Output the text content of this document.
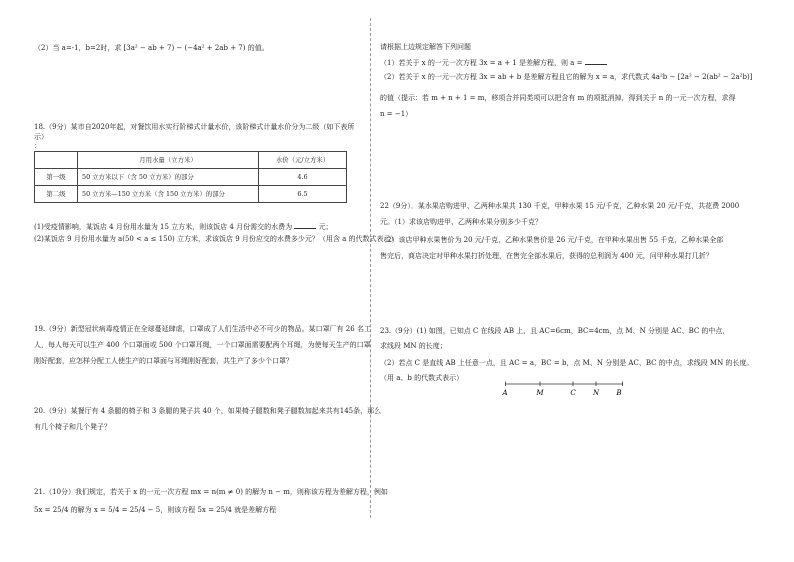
（2）当 a=-1，b=2时，求 [3a² − ab + 7) − (−4a² + 2ab + 7) 的值。
18.（9分）某市自2020年起，对餐饮用水实行阶梯式计量水价，该阶梯式计量水价分为二级（如下表所
示）
：
	月用水量（立方米）	水价（元/立方米）
第一级	50 立方米以下（含 50 立方米）的部分	4.6
第二级	50 立方米—150 立方米（含 150 立方米）的部分	6.5
(1)受疫情影响，某饭店 4 月份用水量为 15 立方米，则该饭店 4 月份需交的水费为	元；
(2)某饭店 9 月份用水量为 a(50 < a ≤ 150) 立方米，求该饭店 9 月份应交的水费多少元？（用含 a 的代数式表示）
19.（9分）新型冠状病毒疫情正在全球蔓延肆虐，口罩成了人们生活中必不可少的物品。某口罩厂有 26 名工
人，每人每天可以生产 400 个口罩面或 500 个口罩耳绳，一个口罩面需要配两个耳绳，为使每天生产的口罩
刚好配套，应怎样分配工人使生产的口罩面与耳绳刚好配套，共生产了多少个口罩？
20.（9分）某餐厅有 4 条腿的椅子和 3 条腿的凳子共 40 个，如果椅子腿数和凳子腿数加起来共有145条，那么
有几个椅子和几个凳子？
21.（10分）我们规定，若关于 x 的一元一次方程 mx = n(m ≠ 0) 的解为 n − m，则称该方程为差解方程，例如
5x = 25/4 的解为 x = 5/4 = 25/4 − 5，则该方程 5x = 25/4 就是差解方程
请根据上边规定解答下列问题
（1）若关于 x 的一元一次方程 3x = a + 1 是差解方程，则 a =
（2）若关于 x 的一元一次方程 3x = ab + b 是差解方程且它的解为 x = a，求代数式 4a²b − [2a² − 2(ab² − 2a²b)]
的值（提示：若 m + n + 1 = m，移项合并同类项可以把含有 m 的项抵消掉，得到关于 n 的一元一次方程，求得
n = −1）
22（9分）．某水果店购进甲、乙两种水果共 130 千克，甲种水果 15 元/千克，乙种水果 20 元/千克，共花费 2000
元。（1）求该店购进甲、乙两种水果分别多少千克？
（2）该店甲种水果售价为 20 元/千克，乙种水果售价是 26 元/千克，在甲种水果出售 55 千克，乙种水果全部
售完后，商店决定对甲种水果打折处理，在售完全部水果后，获得的总利润为 400 元，问甲种水果打几折？
23.（9分）(1) 如图，已知点 C 在线段 AB 上，且 AC=6cm，BC=4cm，点 M、N 分别是 AC、BC 的中点，
求线段 MN 的长度；
（2）若点 C 是直线 AB 上任意一点，且 AC = a，BC = b，点 M、N 分别是 AC、BC 的中点，求线段 MN 的长度。
（用 a、b 的代数式表示）
A	M	C N B
